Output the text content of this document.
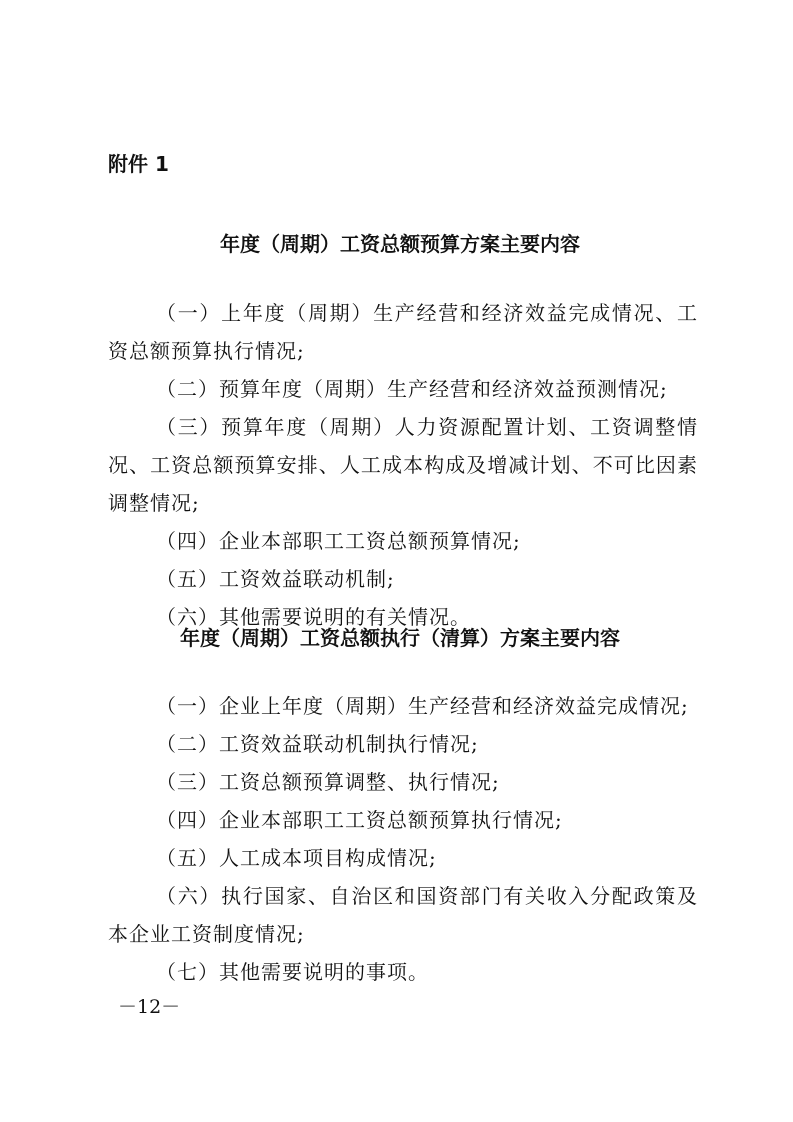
附件 1

年度（周期）工资总额预算方案主要内容
（一）上年度（周期）生产经营和经济效益完成情况、工资总额预算执行情况;
（二）预算年度（周期）生产经营和经济效益预测情况;
（三）预算年度（周期）人力资源配置计划、工资调整情况、工资总额预算安排、人工成本构成及增减计划、不可比因素调整情况;
（四）企业本部职工工资总额预算情况;
（五）工资效益联动机制;
（六）其他需要说明的有关情况。
年度（周期）工资总额执行（清算）方案主要内容
（一）企业上年度（周期）生产经营和经济效益完成情况;
（二）工资效益联动机制执行情况;
（三）工资总额预算调整、执行情况;
（四）企业本部职工工资总额预算执行情况;
（五）人工成本项目构成情况;
（六）执行国家、自治区和国资部门有关收入分配政策及本企业工资制度情况;
（七）其他需要说明的事项。

－12－
